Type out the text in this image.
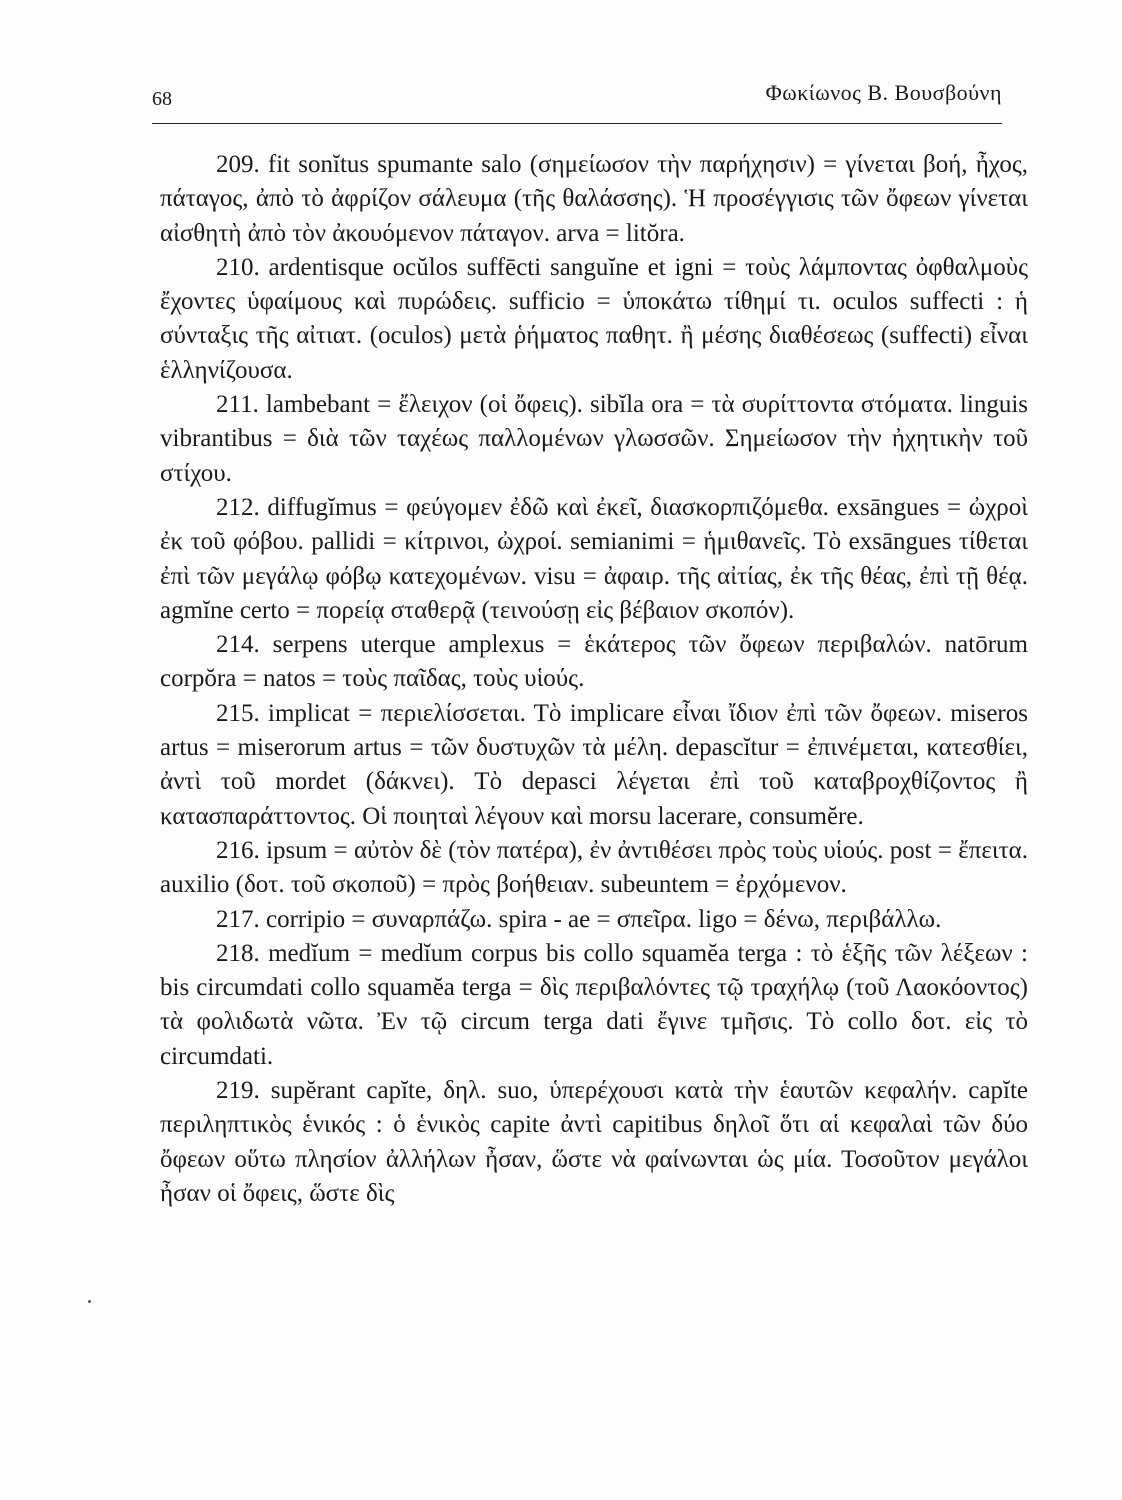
68	Φωκίωνος Β. Βουσβούνη

209. fit sonĭtus spumante salo (σημείωσον τὴν παρήχησιν) = γίνεται βοή, ἦχος, πάταγος, ἀπὸ τὸ ἀφρίζον σάλευμα (τῆς θαλάσσης). Ἡ προσέγγισις τῶν ὄφεων γίνεται αἰσθητὴ ἀπὸ τὸν ἀκουόμενον πάταγον. arva = litŏra.

210. ardentisque ocŭlos suffēcti sanguĭne et igni = τοὺς λάμποντας ὀφθαλμοὺς ἔχοντες ὑφαίμους καὶ πυρώδεις. sufficio = ὑποκάτω τίθημί τι. oculos suffecti : ἡ σύνταξις τῆς αἰτιατ. (oculos) μετὰ ῥήματος παθητ. ἢ μέσης διαθέσεως (suffecti) εἶναι ἑλληνίζουσα.

211. lambebant = ἔλειχον (οἱ ὄφεις). sibĭla ora = τὰ συρίττοντα στόματα. linguis vibrantibus = διὰ τῶν ταχέως παλλομένων γλωσσῶν. Σημείωσον τὴν ἠχητικὴν τοῦ στίχου.

212. diffugĭmus = φεύγομεν ἐδῶ καὶ ἐκεῖ, διασκορπιζόμεθα. exsāngues = ὠχροὶ ἐκ τοῦ φόβου. pallidi = κίτρινοι, ὠχροί. semianimi = ἡμιθανεῖς. Τὸ exsāngues τίθεται ἐπὶ τῶν μεγάλῳ φόβῳ κατεχομένων. visu = ἀφαιρ. τῆς αἰτίας, ἐκ τῆς θέας, ἐπὶ τῇ θέᾳ. agmĭne certo = πορείᾳ σταθερᾷ (τεινούσῃ εἰς βέβαιον σκοπόν).

214. serpens uterque amplexus = ἑκάτερος τῶν ὄφεων περιβαλών. natōrum corpŏra = natos = τοὺς παῖδας, τοὺς υἱούς.

215. implicat = περιελίσσεται. Τὸ implicare εἶναι ἴδιον ἐπὶ τῶν ὄφεων. miseros artus = miserorum artus = τῶν δυστυχῶν τὰ μέλη. depascĭtur = ἐπινέμεται, κατεσθίει, ἀντὶ τοῦ mordet (δάκνει). Τὸ depasci λέγεται ἐπὶ τοῦ καταβροχθίζοντος ἢ κατασπαράττοντος. Οἱ ποιηταὶ λέγουν καὶ morsu lacerare, consumĕre.

216. ipsum = αὐτὸν δὲ (τὸν πατέρα), ἐν ἀντιθέσει πρὸς τοὺς υἱούς. post = ἔπειτα. auxilio (δοτ. τοῦ σκοποῦ) = πρὸς βοήθειαν. subeuntem = ἐρχόμενον.

217. corripio = συναρπάζω. spira - ae = σπεῖρα. ligo = δένω, περιβάλλω.

218. medĭum = medĭum corpus bis collo squamĕa terga : τὸ ἑξῆς τῶν λέξεων : bis circumdati collo squamĕa terga = δὶς περιβαλόντες τῷ τραχήλῳ (τοῦ Λαοκόοντος) τὰ φολιδωτὰ νῶτα. Ἐν τῷ circum terga dati ἔγινε τμῆσις. Τὸ collo δοτ. εἰς τὸ circumdati.

219. supĕrant capĭte, δηλ. suo, ὑπερέχουσι κατὰ τὴν ἑαυτῶν κεφαλήν. capĭte περιληπτικὸς ἑνικός : ὁ ἑνικὸς capite ἀντὶ capitibus δηλοῖ ὅτι αἱ κεφαλαὶ τῶν δύο ὄφεων οὕτω πλησίον ἀλλήλων ἦσαν, ὥστε νὰ φαίνωνται ὡς μία. Τοσοῦτον μεγάλοι ἦσαν οἱ ὄφεις, ὥστε δὶς
